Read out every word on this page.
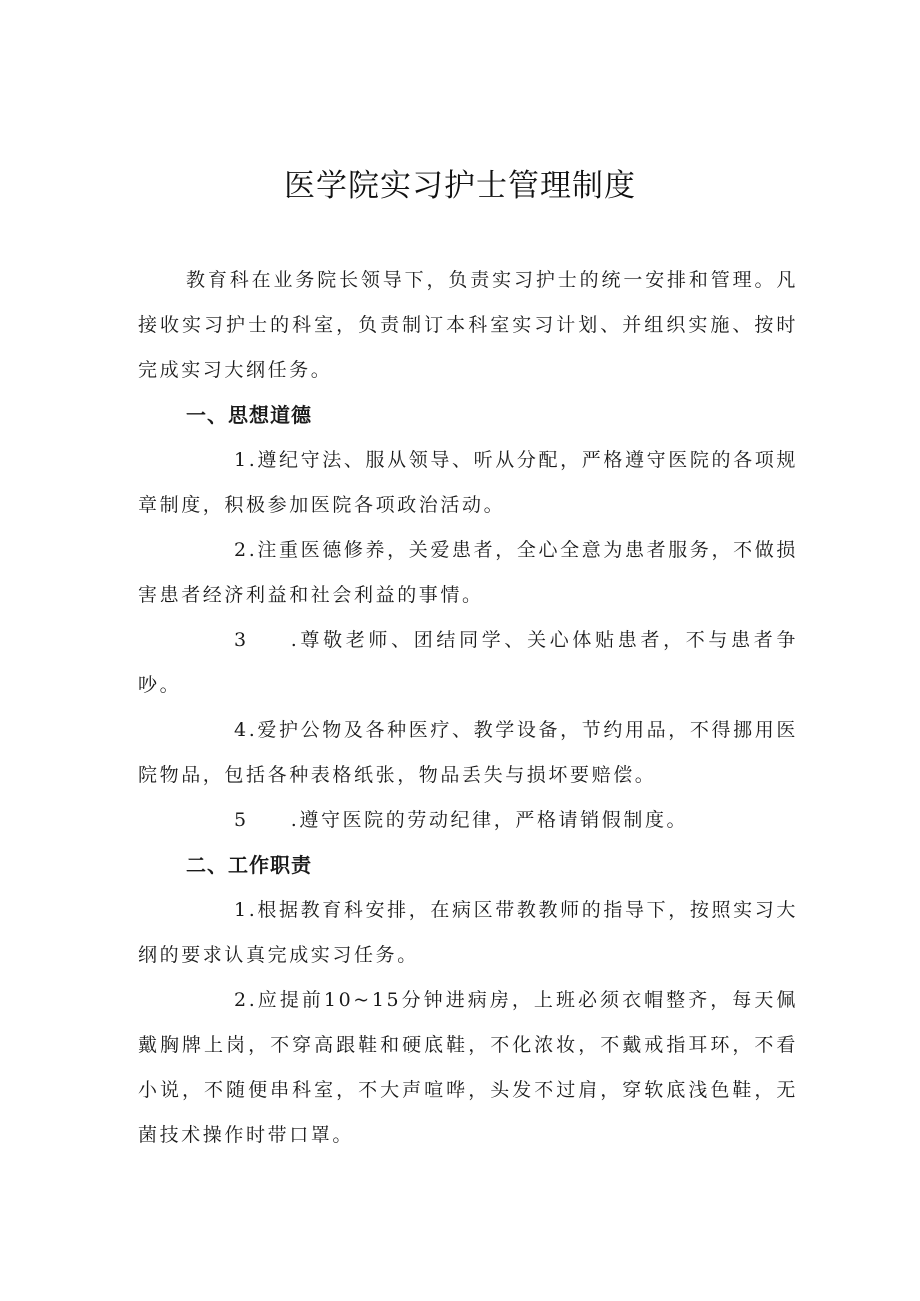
医学院实习护士管理制度

教育科在业务院长领导下，负责实习护士的统一安排和管理。凡接收实习护士的科室，负责制订本科室实习计划、并组织实施、按时完成实习大纲任务。

一、思想道德

1.遵纪守法、服从领导、听从分配，严格遵守医院的各项规章制度，积极参加医院各项政治活动。

2.注重医德修养，关爱患者，全心全意为患者服务，不做损害患者经济利益和社会利益的事情。

3 .尊敬老师、团结同学、关心体贴患者，不与患者争吵。

4.爱护公物及各种医疗、教学设备，节约用品，不得挪用医院物品，包括各种表格纸张，物品丢失与损坏要赔偿。

5 .遵守医院的劳动纪律，严格请销假制度。

二、工作职责

1.根据教育科安排，在病区带教教师的指导下，按照实习大纲的要求认真完成实习任务。

2.应提前10~15分钟进病房，上班必须衣帽整齐，每天佩戴胸牌上岗，不穿高跟鞋和硬底鞋，不化浓妆，不戴戒指耳环，不看小说，不随便串科室，不大声喧哗，头发不过肩，穿软底浅色鞋，无菌技术操作时带口罩。
